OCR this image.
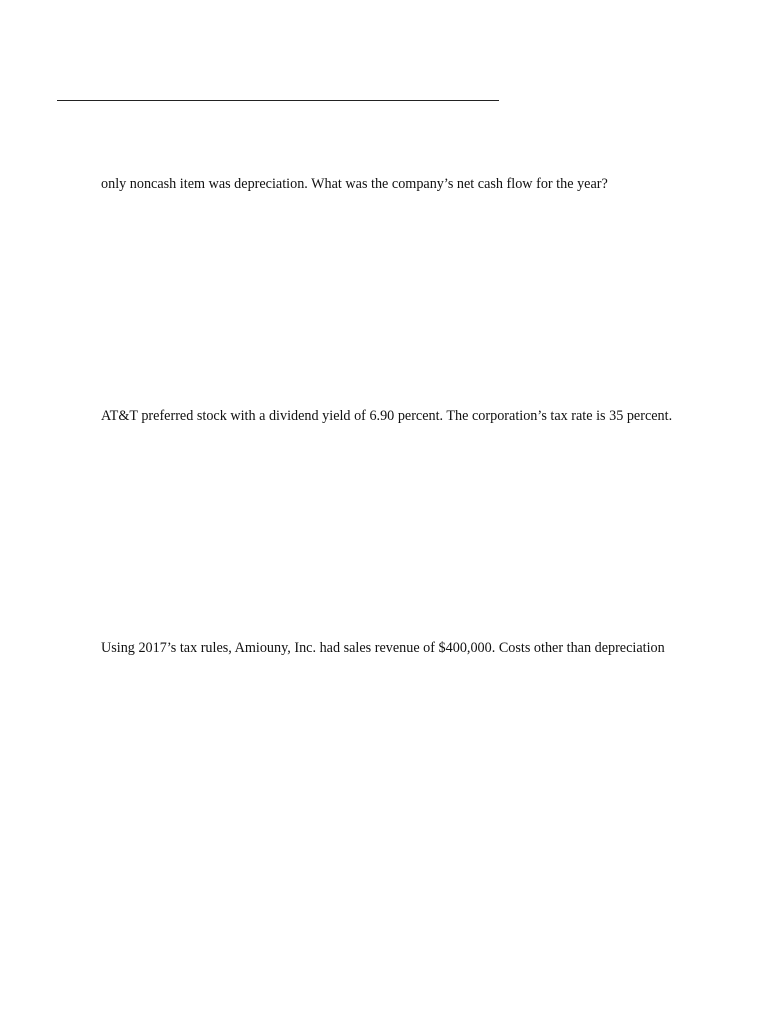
only noncash item was depreciation. What was the company’s net cash flow for the year?
AT&T preferred stock with a dividend yield of 6.90 percent. The corporation’s tax rate is 35 percent.
Using 2017’s tax rules, Amiouny, Inc. had sales revenue of $400,000. Costs other than depreciation
